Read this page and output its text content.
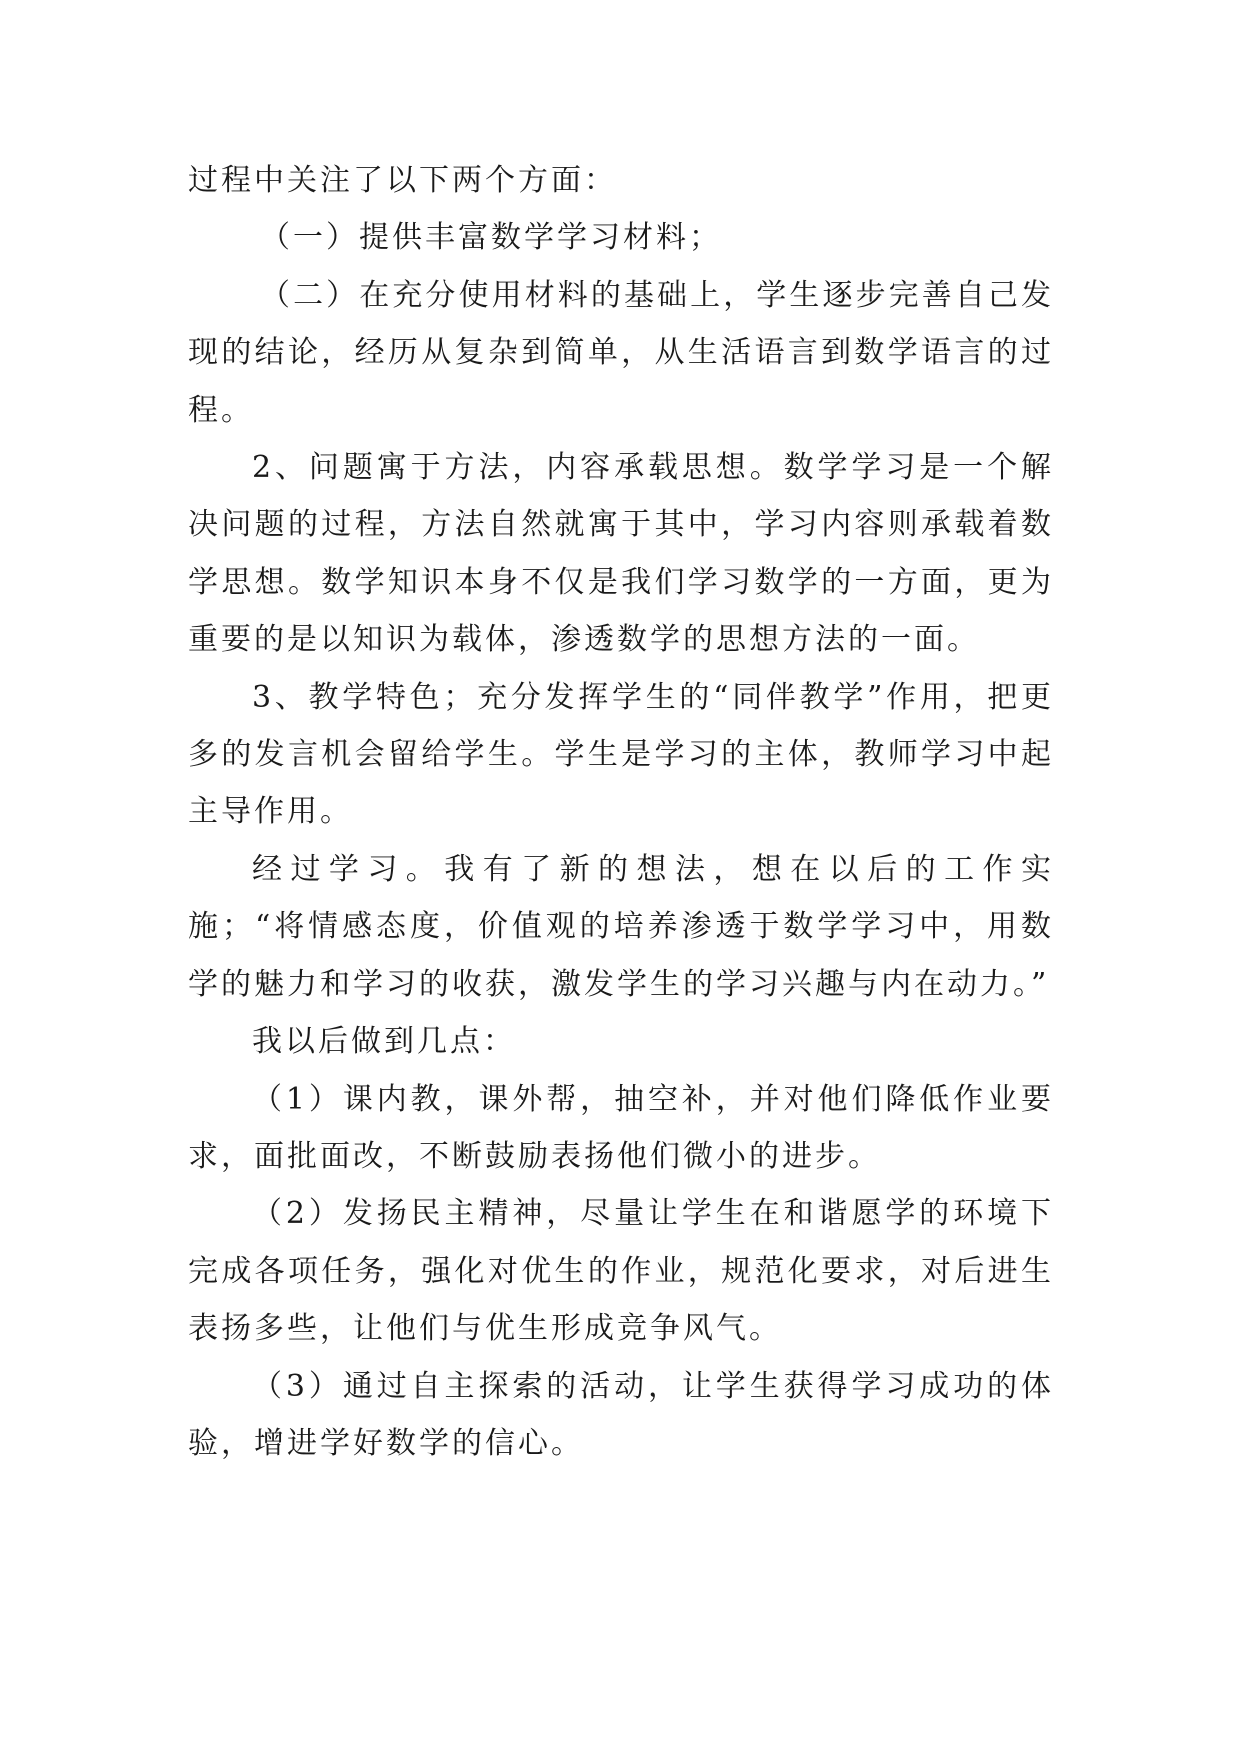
过程中关注了以下两个方面：

（一）提供丰富数学学习材料；

（二）在充分使用材料的基础上，学生逐步完善自己发现的结论，经历从复杂到简单，从生活语言到数学语言的过程。

2、问题寓于方法，内容承载思想。数学学习是一个解决问题的过程，方法自然就寓于其中，学习内容则承载着数学思想。数学知识本身不仅是我们学习数学的一方面，更为重要的是以知识为载体，渗透数学的思想方法的一面。

3、教学特色；充分发挥学生的“同伴教学”作用，把更多的发言机会留给学生。学生是学习的主体，教师学习中起主导作用。

经过学习。我有了新的想法，想在以后的工作实施；“将情感态度，价值观的培养渗透于数学学习中，用数学的魅力和学习的收获，激发学生的学习兴趣与内在动力。”

我以后做到几点：

（1）课内教，课外帮，抽空补，并对他们降低作业要求，面批面改，不断鼓励表扬他们微小的进步。

（2）发扬民主精神，尽量让学生在和谐愿学的环境下完成各项任务，强化对优生的作业，规范化要求，对后进生表扬多些，让他们与优生形成竞争风气。

（3）通过自主探索的活动，让学生获得学习成功的体验，增进学好数学的信心。
